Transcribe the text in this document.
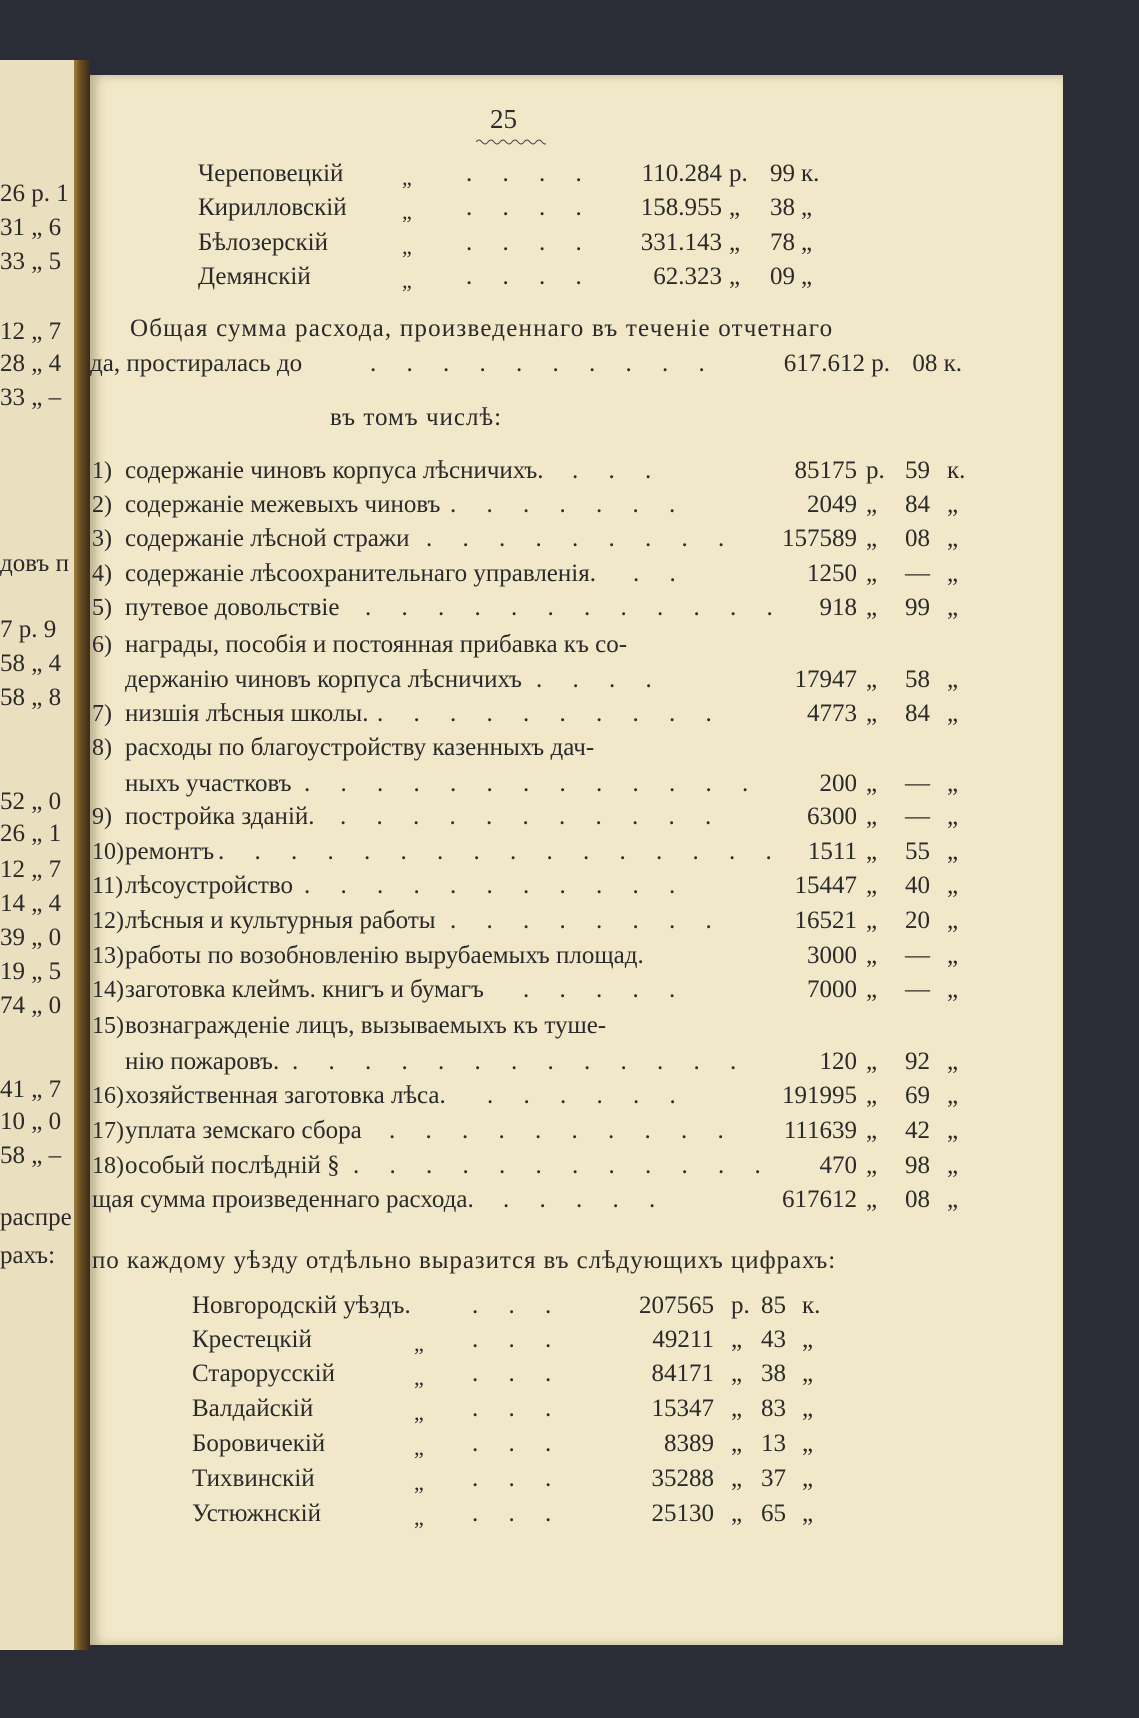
26 р. 1
31 „ 6
33 „ 5
12 „ 7
28 „ 4
33 „ –
довъ п
7 р. 9
58 „ 4
58 „ 8
52 „ 0
26 „ 1
12 „ 7
14 „ 4
39 „ 0
19 „ 5
74 „ 0
41 „ 7
10 „ 0
58 „ –
распре
рахъ:
25
Череповецкій	„ . . . . 110.284 р. 99 к.
Кирилловскій	„ . . . . 158.955 „ 38 „
Бѣлозерскій	„ . . . . 331.143 „ 78 „
Демянскій	„ . . . . 62.323 „ 09 „
Общая сумма расхода, произведеннаго въ теченіе отчетнаго
да, простиралась до	. . . . . . . . . .	617.612 р. 08 к.
въ томъ числѣ:
1) содержаніе чиновъ корпуса лѣсничихъ. . . .	85175 р. 59 к.
2) содержаніе межевыхъ чиновъ . . . . . . .	2049 „ 84 „
3) содержаніе лѣсной стражи . . . . . . . . . 157589 „ 08 „
4) содержаніе лѣсоохранительнаго управленія. . .	1250 „ — „
5) путевое довольствіе . . . . . . . . . . . . 918 „ 99 „
6) награды, пособія и постоянная прибавка къ со-
держанію чиновъ корпуса лѣсничихъ . . . .	17947 „ 58 „
7) низшія лѣсныя школы. . . . . . . . . . .	4773 „ 84 „
8) расходы по благоустройству казенныхъ дач-
ныхъ участковъ . . . . . . . . . . . . . 200 „ — „
9) постройка зданій. . . . . . . . . . . .	6300 „ — „
10) ремонтъ . . . . . . . . . . . . . . . . 1511 „ 55 „
11) лѣсоустройство . . . . . . . . . . .	15447 „ 40 „
12) лѣсныя и культурныя работы . . . . . . . .	16521 „ 20 „
13) работы по возобновленію вырубаемыхъ площад.	3000 „ — „
14) заготовка клеймъ. книгъ и бумагъ . . . . .	7000 „ — „
15) вознагражденіе лицъ, вызываемыхъ къ туше-
нію пожаровъ. . . . . . . . . . . . . .	120 „ 92 „
16) хозяйственная заготовка лѣса. . . . . . .	191995 „ 69 „
17) уплата земскаго сбора . . . . . . . . . . 111639 „ 42 „
18) особый послѣдній § . . . . . . . . . . . . 470 „ 98 „
щая сумма произведеннаго расхода. . . . . .	617612 „ 08 „
по каждому уѣзду отдѣльно выразится въ слѣдующихъ цифрахъ:
Новгородскій уѣздъ. . . .	207565 р. 85 к.
Крестецкій	„ . . .	49211 „ 43 „
Старорусскій	„ . . .	84171 „ 38 „
Валдайскій	„ . . .	15347 „ 83 „
Боровичекій	„ . . .	8389 „ 13 „
Тихвинскій	„ . . .	35288 „ 37 „
Устюжнскій	„ . . .	25130 „ 65 „
